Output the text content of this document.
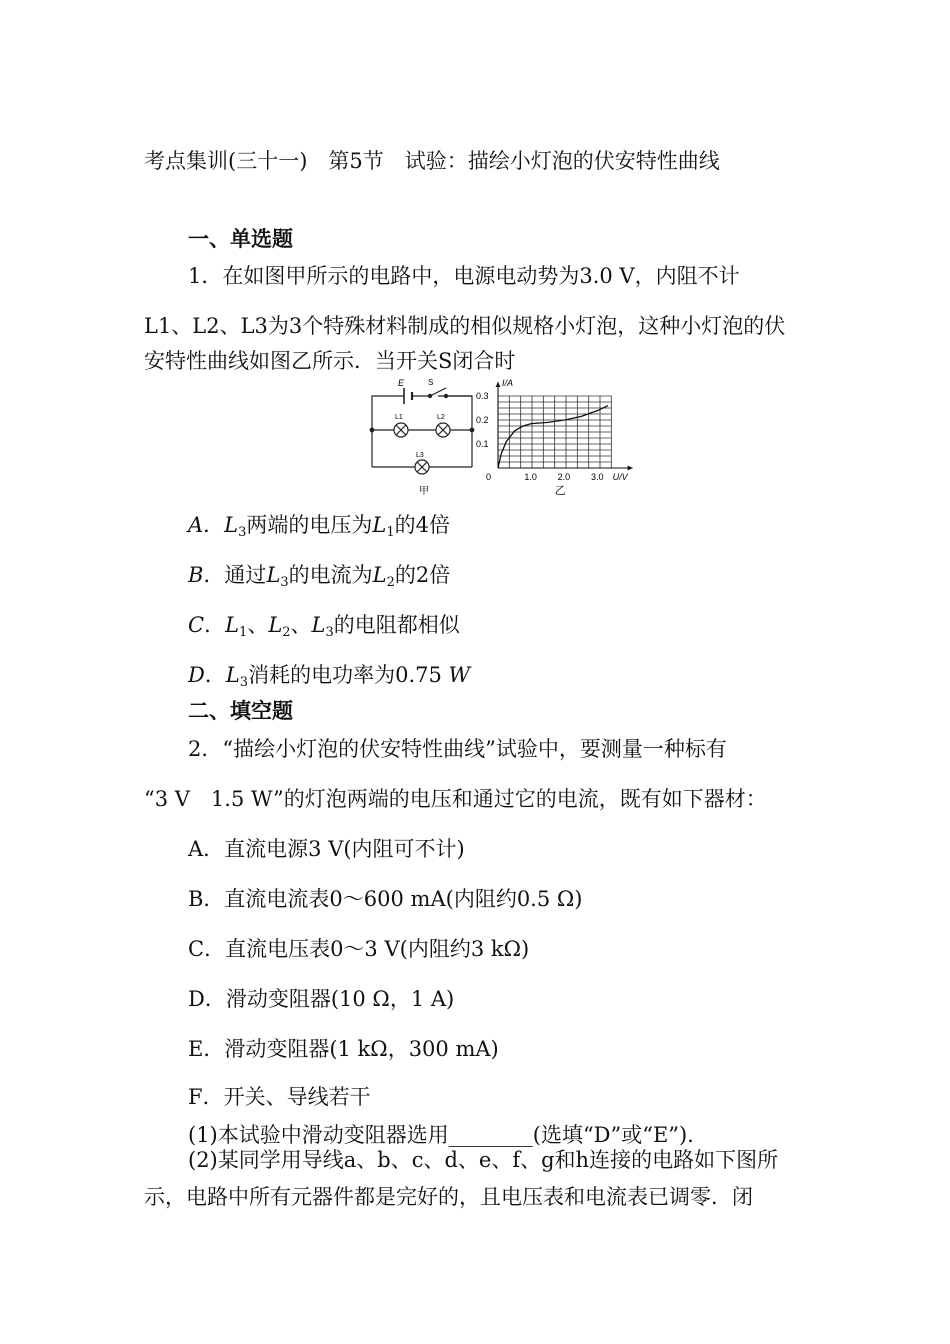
考点集训(三十一)　第5节　试验：描绘小灯泡的伏安特性曲线
一、单选题
1．在如图甲所示的电路中，电源电动势为3.0 V，内阻不计
L1、L2、L3为3个特殊材料制成的相似规格小灯泡，这种小灯泡的伏
安特性曲线如图乙所示．当开关S闭合时
E	S
L1	L2
L3
甲
0.1
0.2
0.3
1.0 2.0 3.0
0
I/A
U/V
乙
A．$L_3$两端的电压为$L_1$的4倍
B．通过$L_3$的电流为$L_2$的2倍
C．$L_1$、$L_2$、$L_3$的电阻都相似
D．$L_3$消耗的电功率为0.75 W
二、填空题
2．“描绘小灯泡的伏安特性曲线”试验中，要测量一种标有
“3 V　1.5 W”的灯泡两端的电压和通过它的电流，既有如下器材：
A．直流电源3 V(内阻可不计)
B．直流电流表0～600 mA(内阻约0.5 Ω)
C．直流电压表0～3 V(内阻约3 kΩ)
D．滑动变阻器(10 Ω，1 A)
E．滑动变阻器(1 kΩ，300 mA)
F．开关、导线若干
(1)本试验中滑动变阻器选用________(选填“D”或“E”)．
(2)某同学用导线a、b、c、d、e、f、g和h连接的电路如下图所
示，电路中所有元器件都是完好的，且电压表和电流表已调零．闭
